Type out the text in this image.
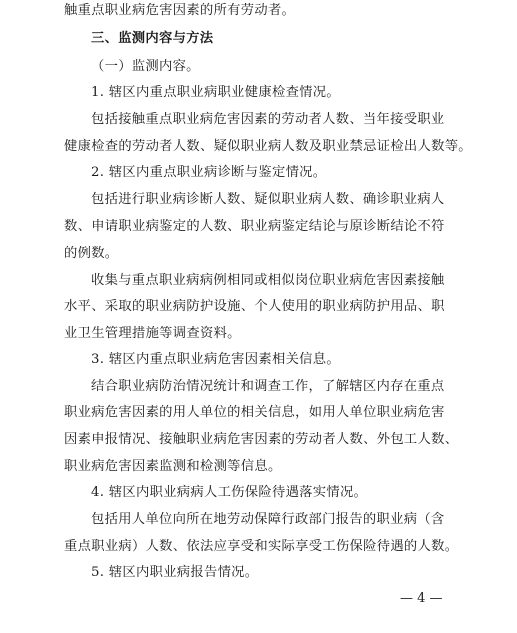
触重点职业病危害因素的所有劳动者。
三、监测内容与方法
（一）监测内容。
1. 辖区内重点职业病职业健康检查情况。
包括接触重点职业病危害因素的劳动者人数、当年接受职业
健康检查的劳动者人数、疑似职业病人数及职业禁忌证检出人数等。
2. 辖区内重点职业病诊断与鉴定情况。
包括进行职业病诊断人数、疑似职业病人数、确诊职业病人
数、申请职业病鉴定的人数、职业病鉴定结论与原诊断结论不符
的例数。
收集与重点职业病病例相同或相似岗位职业病危害因素接触
水平、采取的职业病防护设施、个人使用的职业病防护用品、职
业卫生管理措施等调查资料。
3. 辖区内重点职业病危害因素相关信息。
结合职业病防治情况统计和调查工作，了解辖区内存在重点
职业病危害因素的用人单位的相关信息，如用人单位职业病危害
因素申报情况、接触职业病危害因素的劳动者人数、外包工人数、
职业病危害因素监测和检测等信息。
4. 辖区内职业病病人工伤保险待遇落实情况。
包括用人单位向所在地劳动保障行政部门报告的职业病（含
重点职业病）人数、依法应享受和实际享受工伤保险待遇的人数。
5. 辖区内职业病报告情况。
— 4 —
